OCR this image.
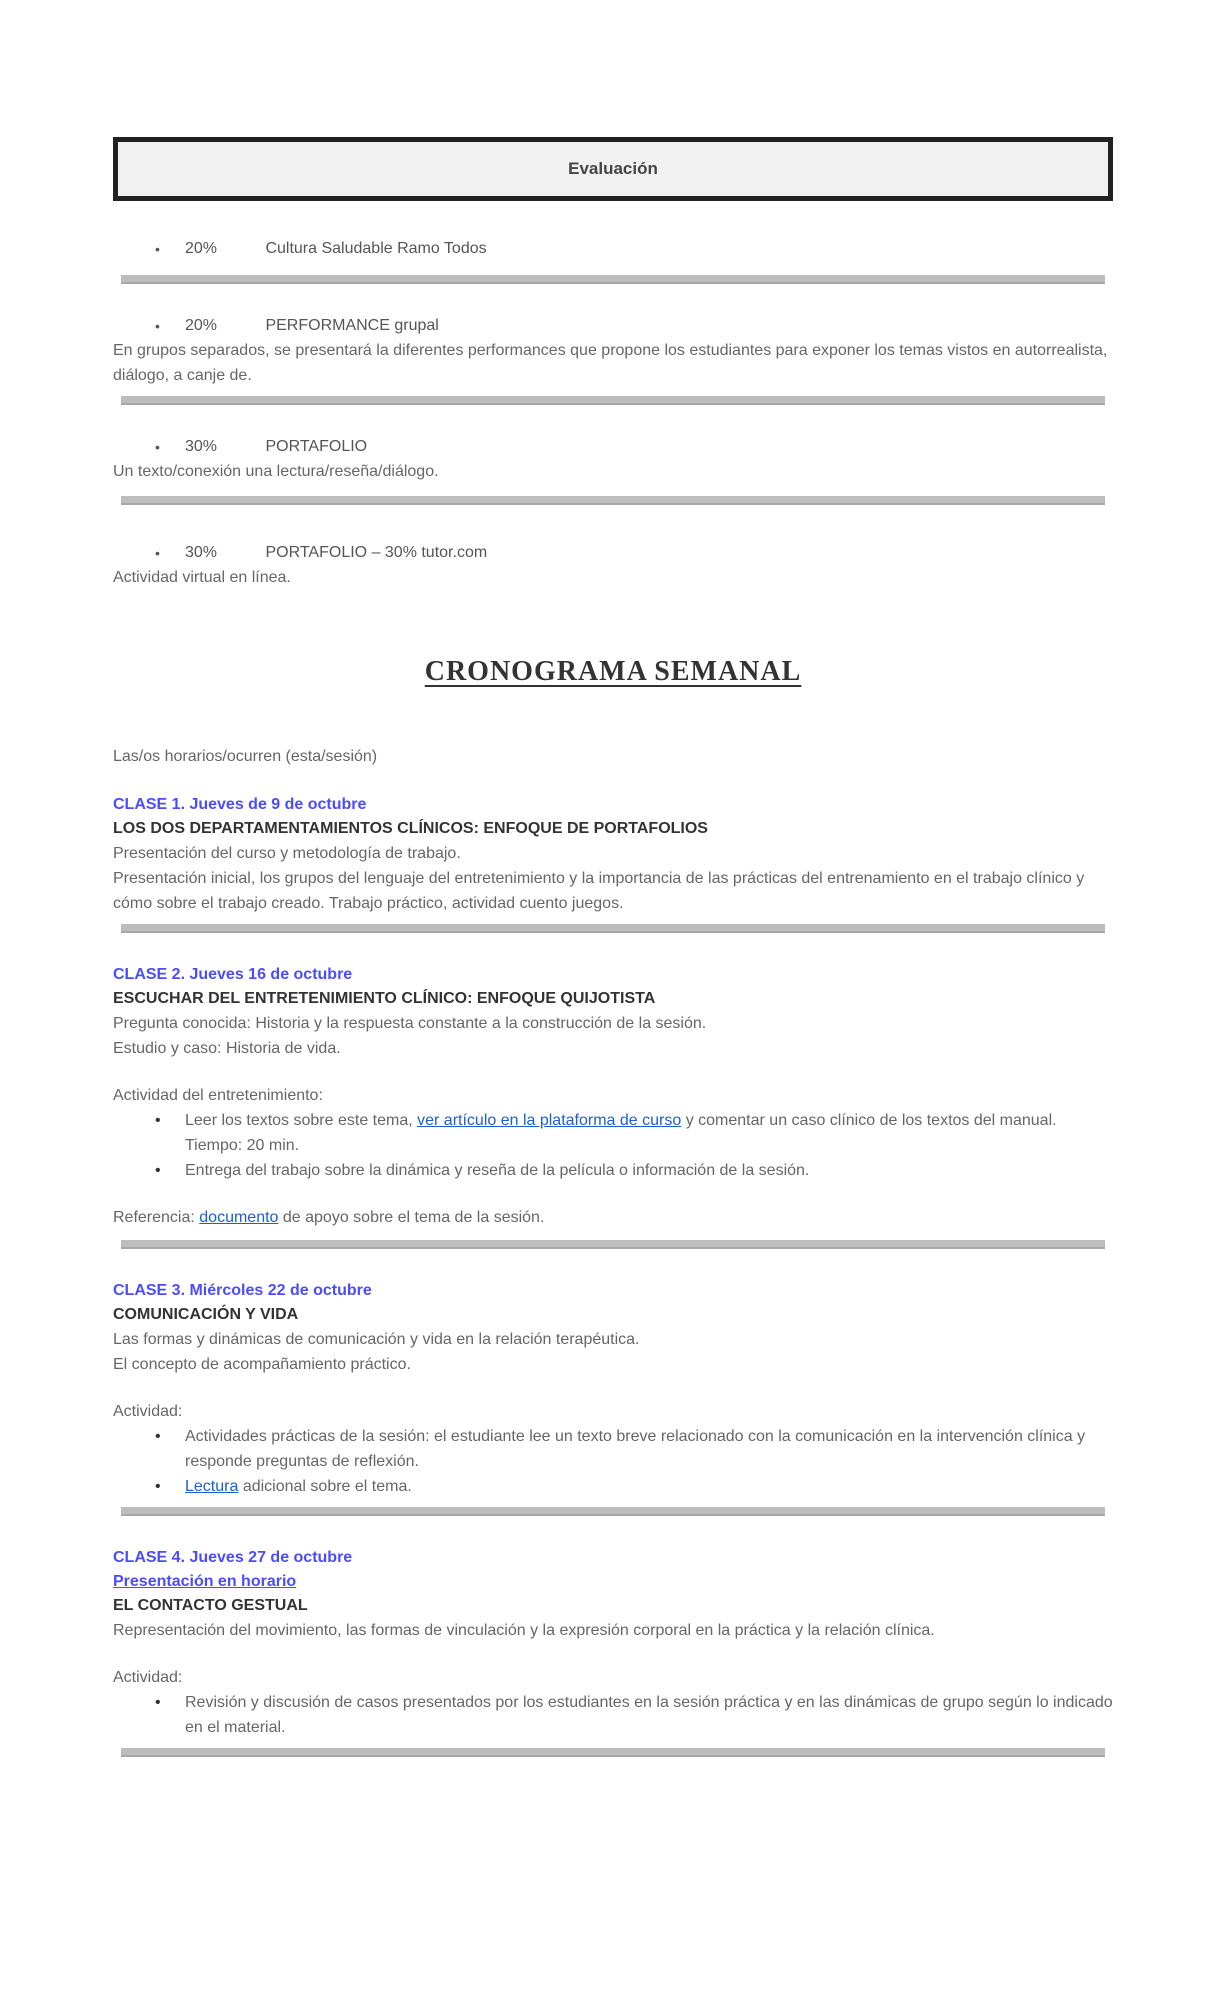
Evaluación
• 20%	Cultura Saludable Ramo Todos
• 20%	PERFORMANCE grupal
En grupos separados, se presentará la diferentes performances que propone los estudiantes para exponer los temas vistos en autorrealista, diálogo, a canje de.
• 30%	PORTAFOLIO
Un texto/conexión una lectura/reseña/diálogo.
• 30%	PORTAFOLIO – 30% tutor.com
Actividad virtual en línea.
CRONOGRAMA SEMANAL
Las/os horarios/ocurren (esta/sesión)
CLASE 1. Jueves de 9 de octubre
LOS DOS DEPARTAMENTAMIENTOS CLÍNICOS: ENFOQUE DE PORTAFOLIOS
Presentación del curso y metodología de trabajo.
Presentación inicial, los grupos del lenguaje del entretenimiento y la importancia de las prácticas del entrenamiento en el trabajo clínico y cómo sobre el trabajo creado. Trabajo práctico, actividad cuento juegos.
CLASE 2. Jueves 16 de octubre
ESCUCHAR DEL ENTRETENIMIENTO CLÍNICO: ENFOQUE QUIJOTISTA
Pregunta conocida: Historia y la respuesta constante a la construcción de la sesión.
Estudio y caso: Historia de vida.
Actividad del entretenimiento:
• Leer los textos sobre este tema, ver artículo en la plataforma de curso y comentar un caso clínico de los textos del manual. Tiempo: 20 min.
• Entrega del trabajo sobre la dinámica y reseña de la película o información de la sesión.
Referencia: documento de apoyo sobre el tema de la sesión.
CLASE 3. Miércoles 22 de octubre
COMUNICACIÓN Y VIDA
Las formas y dinámicas de comunicación y vida en la relación terapéutica.
El concepto de acompañamiento práctico.
Actividad:
• Actividades prácticas de la sesión: el estudiante lee un texto breve relacionado con la comunicación en la intervención clínica y responde preguntas de reflexión.
• Lectura adicional sobre el tema.
CLASE 4. Jueves 27 de octubre
Presentación en horario
EL CONTACTO GESTUAL
Representación del movimiento, las formas de vinculación y la expresión corporal en la práctica y la relación clínica.
Actividad:
• Revisión y discusión de casos presentados por los estudiantes en la sesión práctica y en las dinámicas de grupo según lo indicado en el material.
